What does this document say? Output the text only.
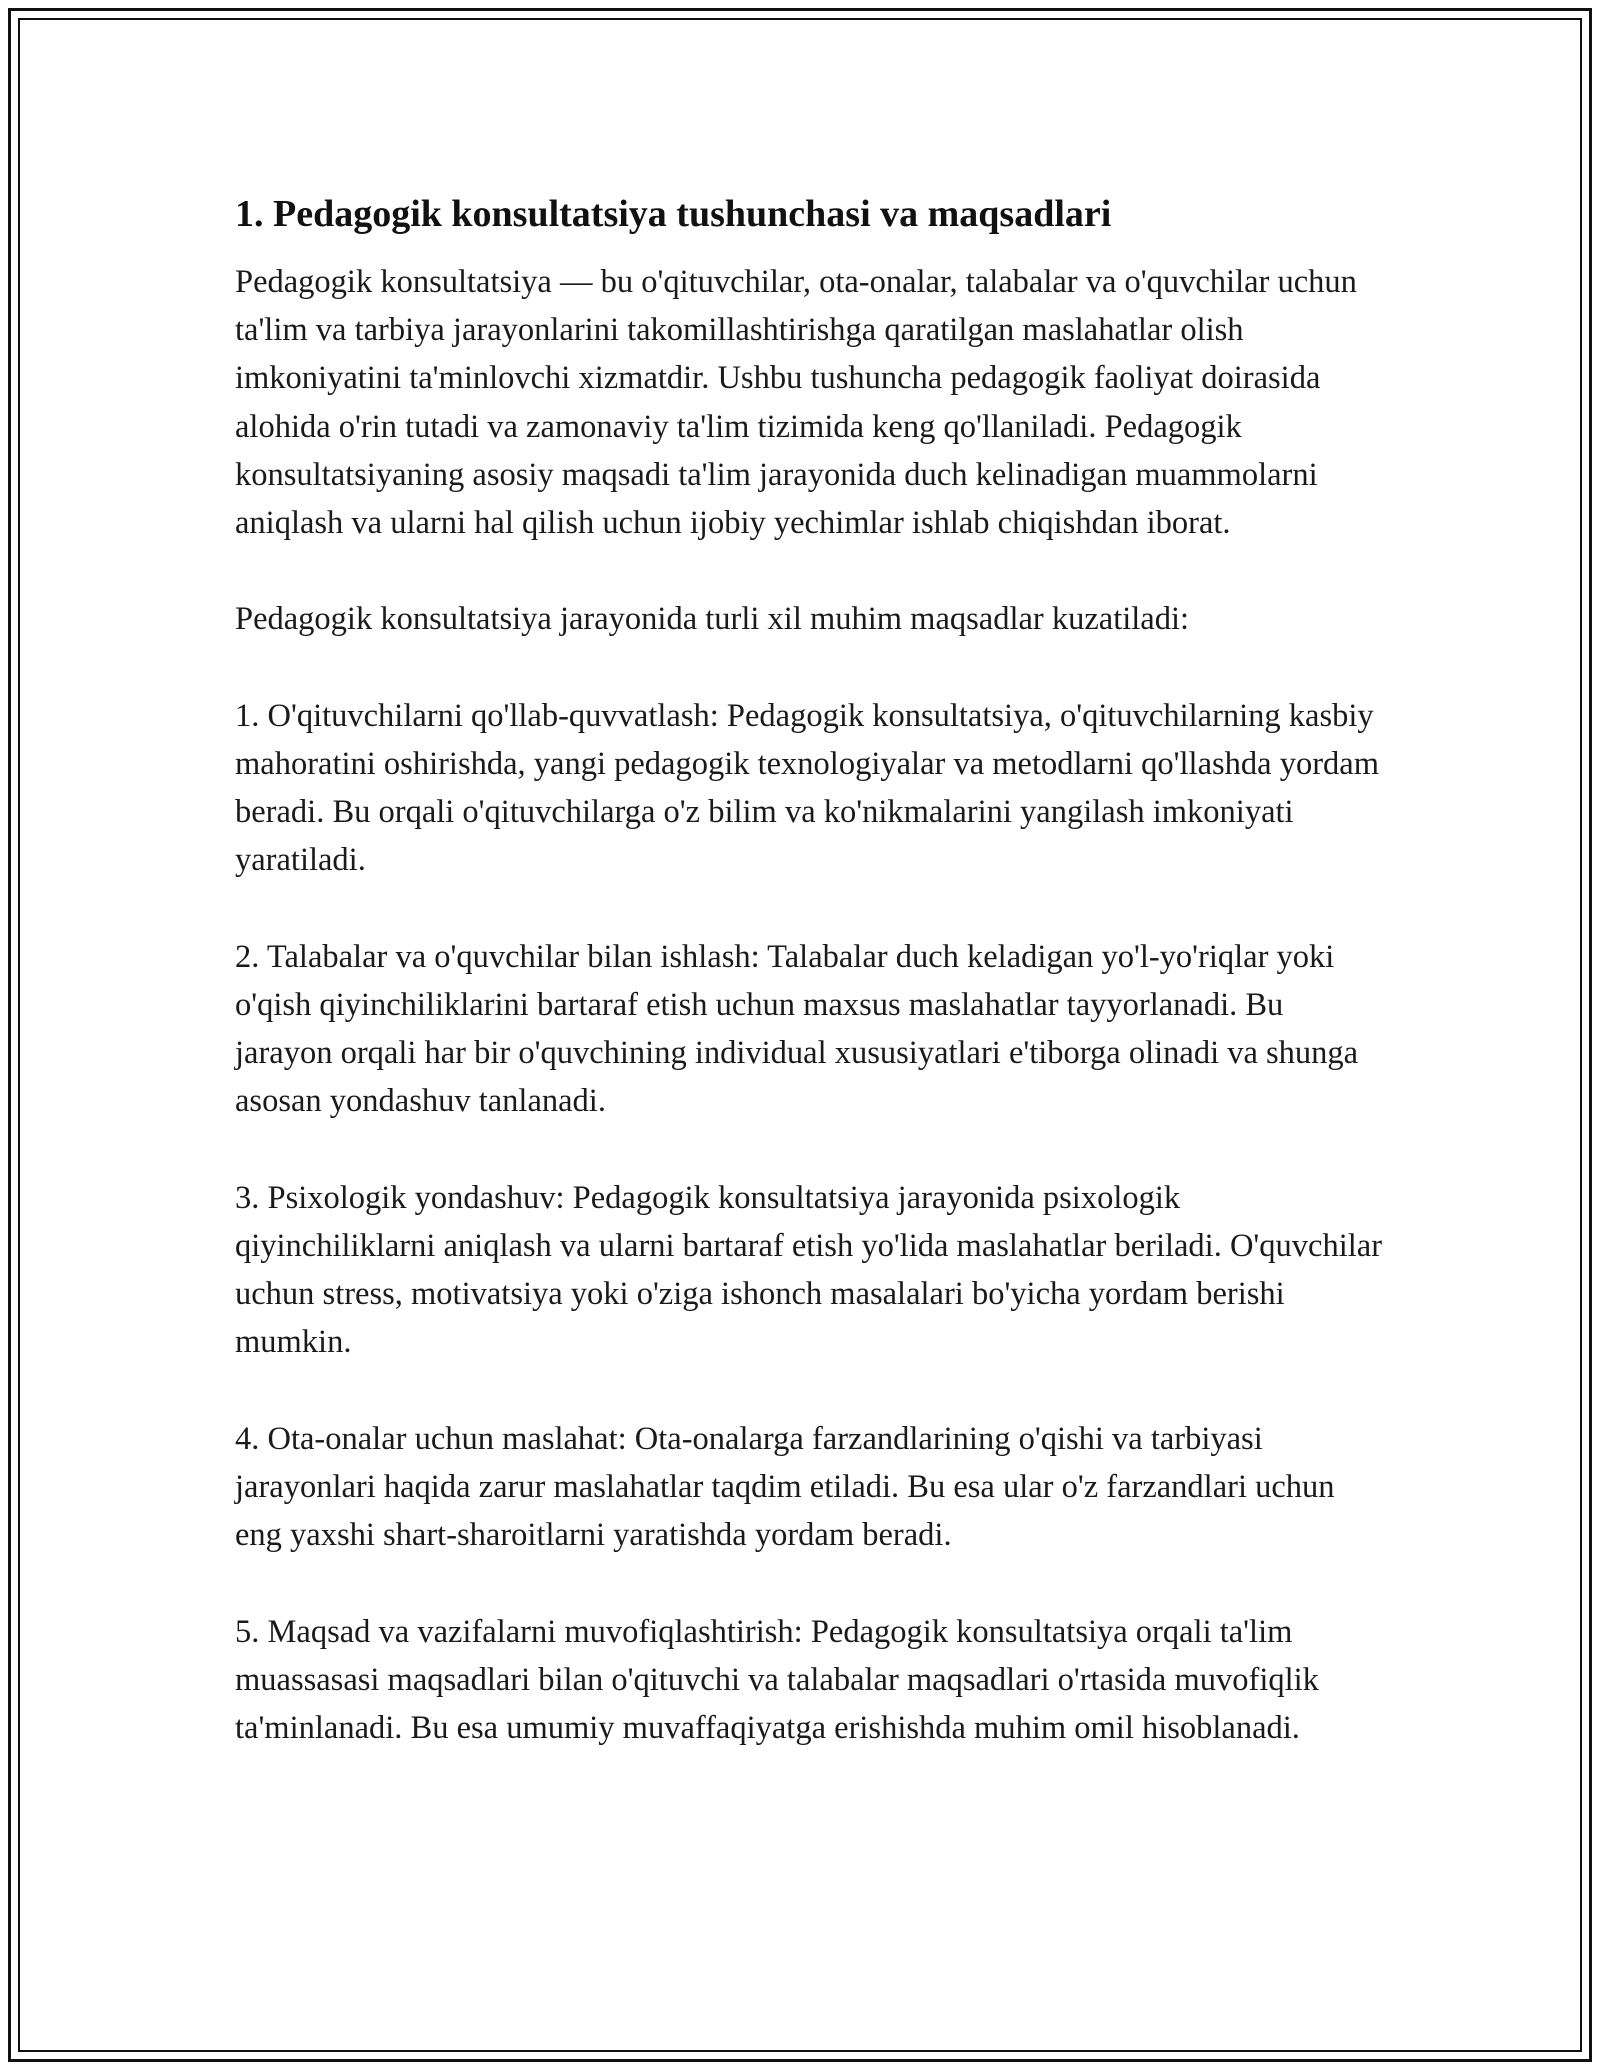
1. Pedagogik konsultatsiya tushunchasi va maqsadlari

Pedagogik konsultatsiya — bu o'qituvchilar, ota-onalar, talabalar va o'quvchilar uchun ta'lim va tarbiya jarayonlarini takomillashtirishga qaratilgan maslahatlar olish imkoniyatini ta'minlovchi xizmatdir. Ushbu tushuncha pedagogik faoliyat doirasida alohida o'rin tutadi va zamonaviy ta'lim tizimida keng qo'llaniladi. Pedagogik konsultatsiyaning asosiy maqsadi ta'lim jarayonida duch kelinadigan muammolarni aniqlash va ularni hal qilish uchun ijobiy yechimlar ishlab chiqishdan iborat.

Pedagogik konsultatsiya jarayonida turli xil muhim maqsadlar kuzatiladi:

1. O'qituvchilarni qo'llab-quvvatlash: Pedagogik konsultatsiya, o'qituvchilarning kasbiy mahoratini oshirishda, yangi pedagogik texnologiyalar va metodlarni qo'llashda yordam beradi. Bu orqali o'qituvchilarga o'z bilim va ko'nikmalarini yangilash imkoniyati yaratiladi.

2. Talabalar va o'quvchilar bilan ishlash: Talabalar duch keladigan yo'l-yo'riqlar yoki o'qish qiyinchiliklarini bartaraf etish uchun maxsus maslahatlar tayyorlanadi. Bu jarayon orqali har bir o'quvchining individual xususiyatlari e'tiborga olinadi va shunga asosan yondashuv tanlanadi.

3. Psixologik yondashuv: Pedagogik konsultatsiya jarayonida psixologik qiyinchiliklarni aniqlash va ularni bartaraf etish yo'lida maslahatlar beriladi. O'quvchilar uchun stress, motivatsiya yoki o'ziga ishonch masalalari bo'yicha yordam berishi mumkin.

4. Ota-onalar uchun maslahat: Ota-onalarga farzandlarining o'qishi va tarbiyasi jarayonlari haqida zarur maslahatlar taqdim etiladi. Bu esa ular o'z farzandlari uchun eng yaxshi shart-sharoitlarni yaratishda yordam beradi.

5. Maqsad va vazifalarni muvofiqlashtirish: Pedagogik konsultatsiya orqali ta'lim muassasasi maqsadlari bilan o'qituvchi va talabalar maqsadlari o'rtasida muvofiqlik ta'minlanadi. Bu esa umumiy muvaffaqiyatga erishishda muhim omil hisoblanadi.
